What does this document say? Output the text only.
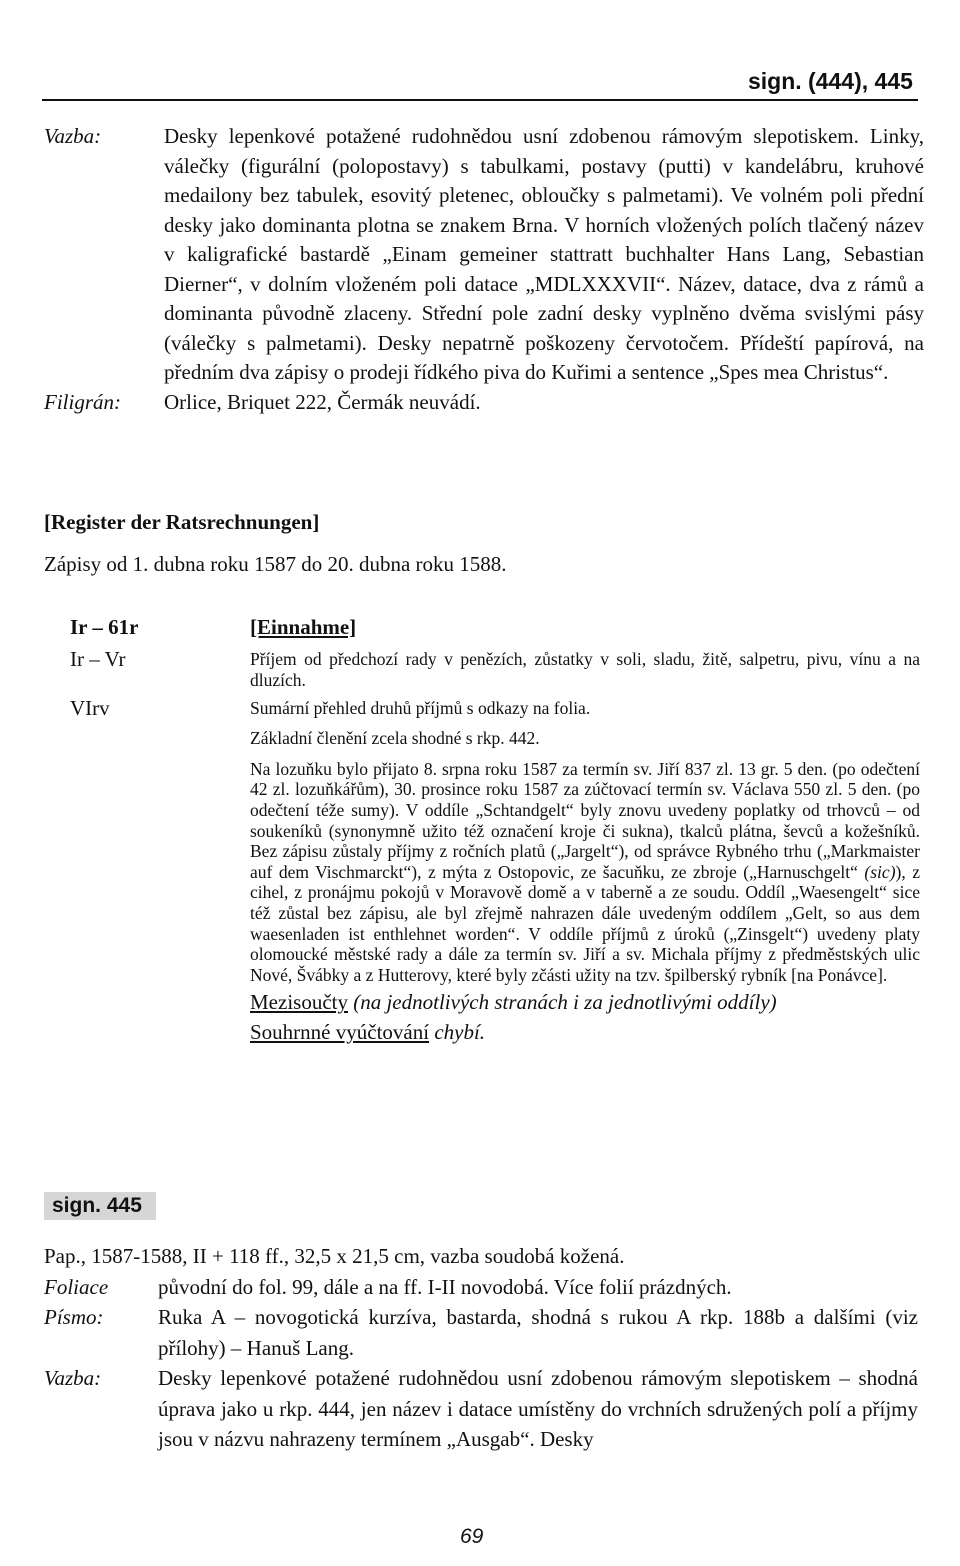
sign. (444), 445
Vazba:	Desky lepenkové potažené rudohnědou usní zdobenou rámovým slepotiskem. Linky, válečky (figurální (polopostavy) s tabulkami, postavy (putti) v kandelábru, kruhové medailony bez tabulek, esovitý pletenec, obloučky s palmetami). Ve volném poli přední desky jako dominanta plotna se znakem Brna. V horních vložených polích tlačený název v kaligrafické bastardě „Einam gemeiner stattratt buchhalter Hans Lang, Sebastian Dierner“, v dolním vloženém poli datace „MDLXXXVII“. Název, datace, dva z rámů a dominanta původně zlaceny. Střední pole zadní desky vyplněno dvěma svislými pásy (válečky s palmetami). Desky nepatrně poškozeny červotočem. Přídeští papírová, na předním dva zápisy o prodeji řídkého piva do Kuřimi a sentence „Spes mea Christus“.
Filigrán:	Orlice, Briquet 222, Čermák neuvádí.
[Register der Ratsrechnungen]
Zápisy od 1. dubna roku 1587 do 20. dubna roku 1588.
Ir – 61r	[Einnahme]
Ir – Vr	Příjem od předchozí rady v penězích, zůstatky v soli, sladu, žitě, salpetru, pivu, vínu a na dluzích.
VIrv	Sumární přehled druhů příjmů s odkazy na folia.
Základní členění zcela shodné s rkp. 442.
Na lozuňku bylo přijato 8. srpna roku 1587 za termín sv. Jiří 837 zl. 13 gr. 5 den. (po odečtení 42 zl. lozuňkářům), 30. prosince roku 1587 za zúčtovací termín sv. Václava 550 zl. 5 den. (po odečtení téže sumy). V oddíle „Schtandgelt“ byly znovu uvedeny poplatky od trhovců – od soukeníků (synonymně užito též označení kroje či sukna), tkalců plátna, ševců a kožešníků. Bez zápisu zůstaly příjmy z ročních platů („Jargelt“), od správce Rybného trhu („Markmaister auf dem Vischmarckt“), z mýta z Ostopovic, ze šacuňku, ze zbroje („Harnuschgelt“ (sic)), z cihel, z pronájmu pokojů v Moravově domě a v taberně a ze soudu. Oddíl „Waesengelt“ sice též zůstal bez zápisu, ale byl zřejmě nahrazen dále uvedeným oddílem „Gelt, so aus dem waesenladen ist enthlehnet worden“. V oddíle příjmů z úroků („Zinsgelt“) uvedeny platy olomoucké městské rady a dále za termín sv. Jiří a sv. Michala příjmy z předměstských ulic Nové, Švábky a z Hutterovy, které byly zčásti užity na tzv. špilberský rybník [na Ponávce].
Mezisoučty (na jednotlivých stranách i za jednotlivými oddíly)
Souhrnné vyúčtování chybí.
sign. 445
Pap., 1587-1588, II + 118 ff., 32,5 x 21,5 cm, vazba soudobá kožená.
Foliace	původní do fol. 99, dále a na ff. I-II novodobá. Více folií prázdných.
Písmo:	Ruka A – novogotická kurzíva, bastarda, shodná s rukou A rkp. 188b a dalšími (viz přílohy) – Hanuš Lang.
Vazba:	Desky lepenkové potažené rudohnědou usní zdobenou rámovým slepotiskem – shodná úprava jako u rkp. 444, jen název i datace umístěny do vrchních sdružených polí a příjmy jsou v názvu nahrazeny termínem „Ausgab“. Desky
69
